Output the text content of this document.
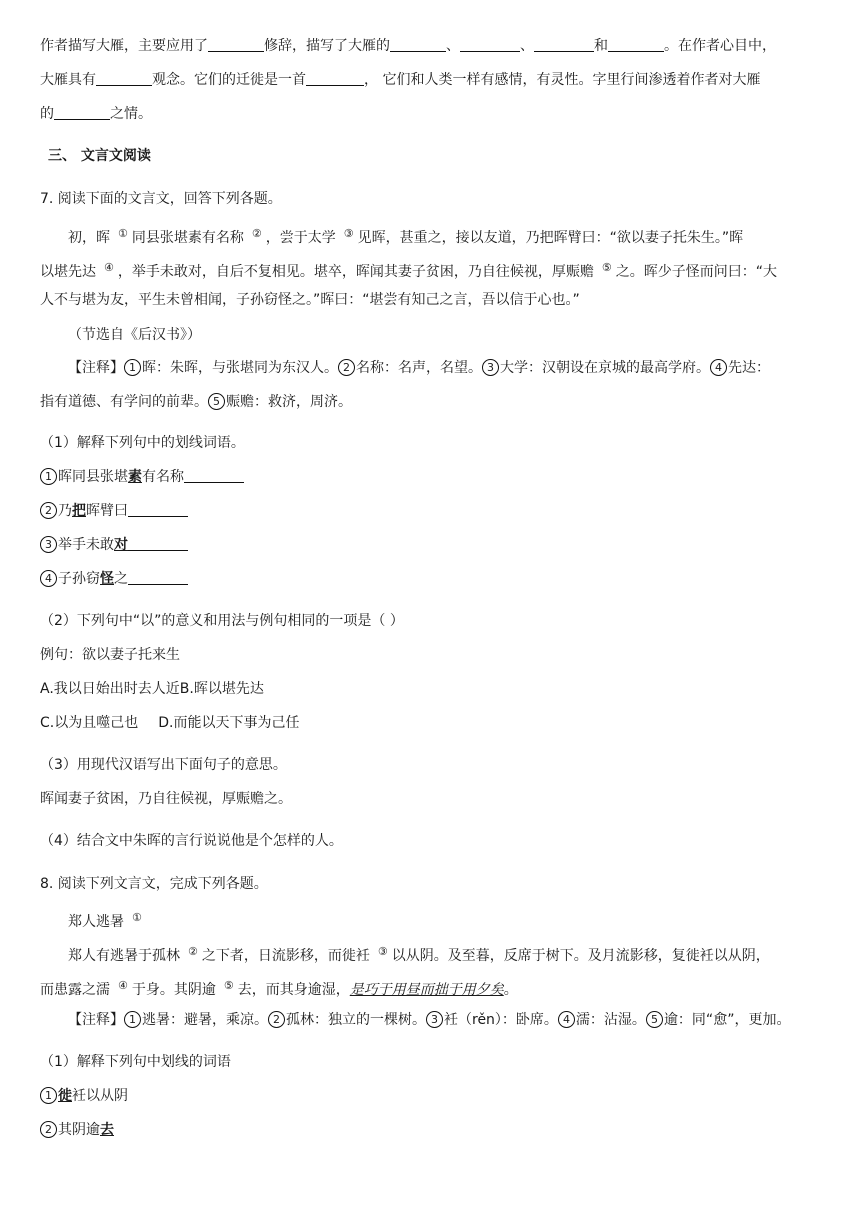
作者描写大雁，主要应用了	修辞，描写了大雁的	、	、	和	。在作者心目中，
大雁具有	观念。它们的迁徙是一首	， 它们和人类一样有感情，有灵性。字里行间渗透着作者对大雁
的	之情。
三、 文言文阅读
7. 阅读下面的文言文，回答下列各题。
初，晖 ① 同县张堪素有名称 ② ，尝于太学 ③ 见晖，甚重之，接以友道，乃把晖臂曰：“欲以妻子托朱生。”晖
以堪先达 ④ ，举手未敢对，自后不复相见。堪卒，晖闻其妻子贫困，乃自往候视，厚赈赡 ⑤ 之。晖少子怪而问曰：“大
人不与堪为友，平生未曾相闻，子孙窃怪之。”晖曰：“堪尝有知己之言，吾以信于心也。”
（节选自《后汉书》）
【注释】 1 晖：朱晖，与张堪同为东汉人。 2 名称：名声，名望。 3 大学：汉朝设在京城的最高学府。 4 先达：
指有道德、有学问的前辈。 5 赈赡：救济，周济。
（1）解释下列句中的划线词语。
1 晖同县张堪素有名称
2 乃把晖臂曰
3 举手未敢对
4 子孙窃怪之
（2）下列句中“以”的意义和用法与例句相同的一项是（ ）
例句：欲以妻子托来生
A.我以日始出时去人近B.晖以堪先达
C.以为且噬己也 D.而能以天下事为己任
（3）用现代汉语写出下面句子的意思。
晖闻妻子贫困，乃自往候视，厚赈赡之。
（4）结合文中朱晖的言行说说他是个怎样的人。
8. 阅读下列文言文，完成下列各题。
郑人逃暑 ①
郑人有逃暑于孤林 ② 之下者，日流影移，而徙衽 ③ 以从阴。及至暮，反席于树下。及月流影移，复徙衽以从阴，
而患露之濡 ④ 于身。其阴逾 ⑤ 去，而其身逾湿，是巧于用昼而拙于用夕矣。
【注释】 1 逃暑：避暑，乘凉。 2 孤林：独立的一棵树。 3 衽（rěn）：卧席。 4 濡：沾湿。 5 逾：同“愈”，更加。
（1）解释下列句中划线的词语
1 徙衽以从阴
2 其阴逾去
